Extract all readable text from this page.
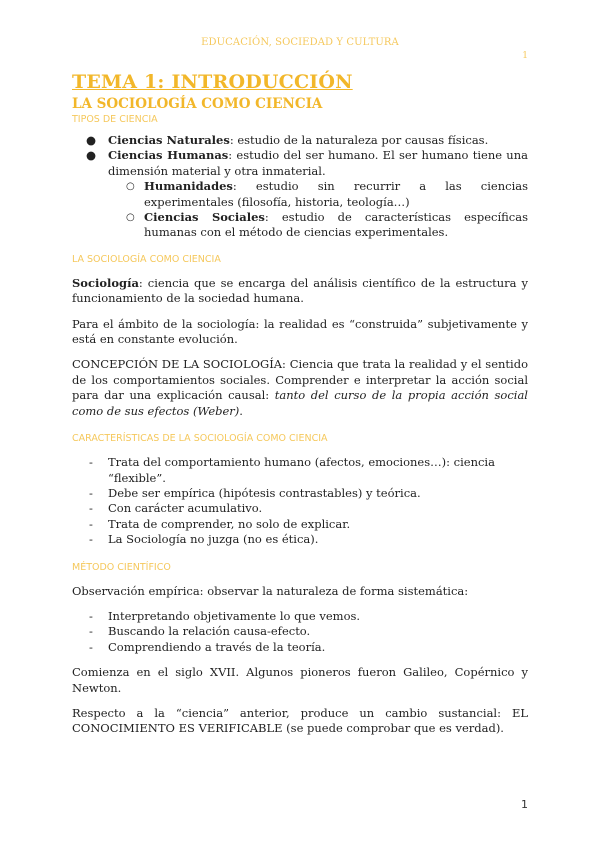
EDUCACIÓN, SOCIEDAD Y CULTURA
1
TEMA 1: INTRODUCCIÓN
LA SOCIOLOGÍA COMO CIENCIA
TIPOS DE CIENCIA
● Ciencias Naturales: estudio de la naturaleza por causas físicas.
● Ciencias Humanas: estudio del ser humano. El ser humano tiene una dimensión material y otra inmaterial.
○ Humanidades: estudio sin recurrir a las ciencias experimentales (filosofía, historia, teología…)
○ Ciencias Sociales: estudio de características específicas humanas con el método de ciencias experimentales.
LA SOCIOLOGÍA COMO CIENCIA

Sociología: ciencia que se encarga del análisis científico de la estructura y funcionamiento de la sociedad humana.

Para el ámbito de la sociología: la realidad es “construida” subjetivamente y está en constante evolución.

CONCEPCIÓN DE LA SOCIOLOGÍA: Ciencia que trata la realidad y el sentido de los comportamientos sociales. Comprender e interpretar la acción social para dar una explicación causal: tanto del curso de la propia acción social como de sus efectos (Weber).

CARACTERÍSTICAS DE LA SOCIOLOGÍA COMO CIENCIA
- Trata del comportamiento humano (afectos, emociones…): ciencia “flexible”.
- Debe ser empírica (hipótesis contrastables) y teórica.
- Con carácter acumulativo.
- Trata de comprender, no solo de explicar.
- La Sociología no juzga (no es ética).
MÉTODO CIENTÍFICO

Observación empírica: observar la naturaleza de forma sistemática:

- Interpretando objetivamente lo que vemos.
- Buscando la relación causa-efecto.
- Comprendiendo a través de la teoría.

Comienza en el siglo XVII. Algunos pioneros fueron Galileo, Copérnico y Newton.

Respecto a la “ciencia” anterior, produce un cambio sustancial: EL CONOCIMIENTO ES VERIFICABLE (se puede comprobar que es verdad).

1
